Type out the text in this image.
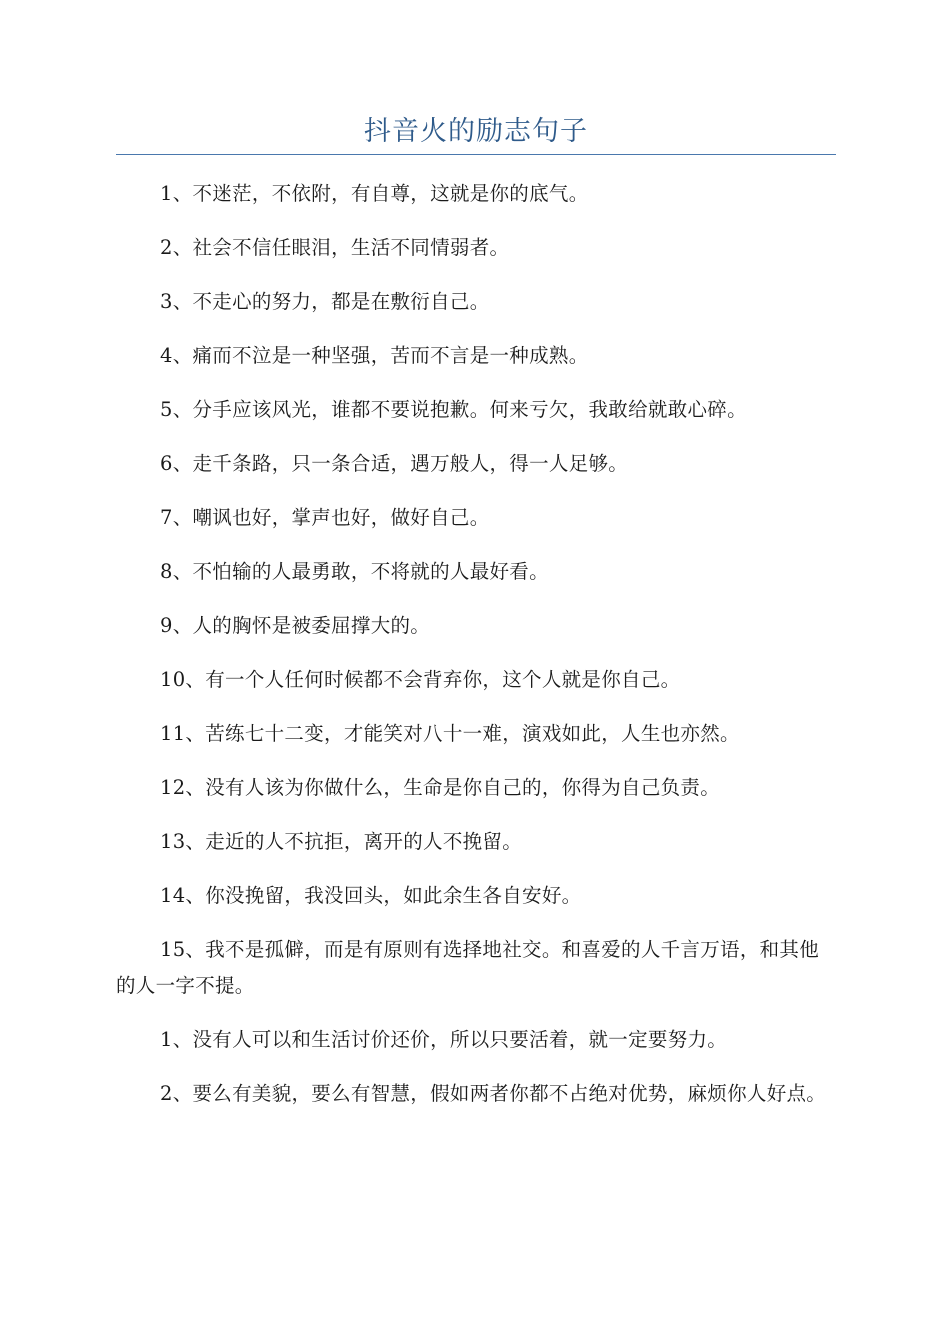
抖音火的励志句子

1、不迷茫，不依附，有自尊，这就是你的底气。

2、社会不信任眼泪，生活不同情弱者。

3、不走心的努力，都是在敷衍自己。

4、痛而不泣是一种坚强，苦而不言是一种成熟。

5、分手应该风光，谁都不要说抱歉。何来亏欠，我敢给就敢心碎。

6、走千条路，只一条合适，遇万般人，得一人足够。

7、嘲讽也好，掌声也好，做好自己。

8、不怕输的人最勇敢，不将就的人最好看。

9、人的胸怀是被委屈撑大的。

10、有一个人任何时候都不会背弃你，这个人就是你自己。

11、苦练七十二变，才能笑对八十一难，演戏如此，人生也亦然。

12、没有人该为你做什么，生命是你自己的，你得为自己负责。

13、走近的人不抗拒，离开的人不挽留。

14、你没挽留，我没回头，如此余生各自安好。

15、我不是孤僻，而是有原则有选择地社交。和喜爱的人千言万语，和其他的人一字不提。

1、没有人可以和生活讨价还价，所以只要活着，就一定要努力。

2、要么有美貌，要么有智慧，假如两者你都不占绝对优势，麻烦你人好点。
